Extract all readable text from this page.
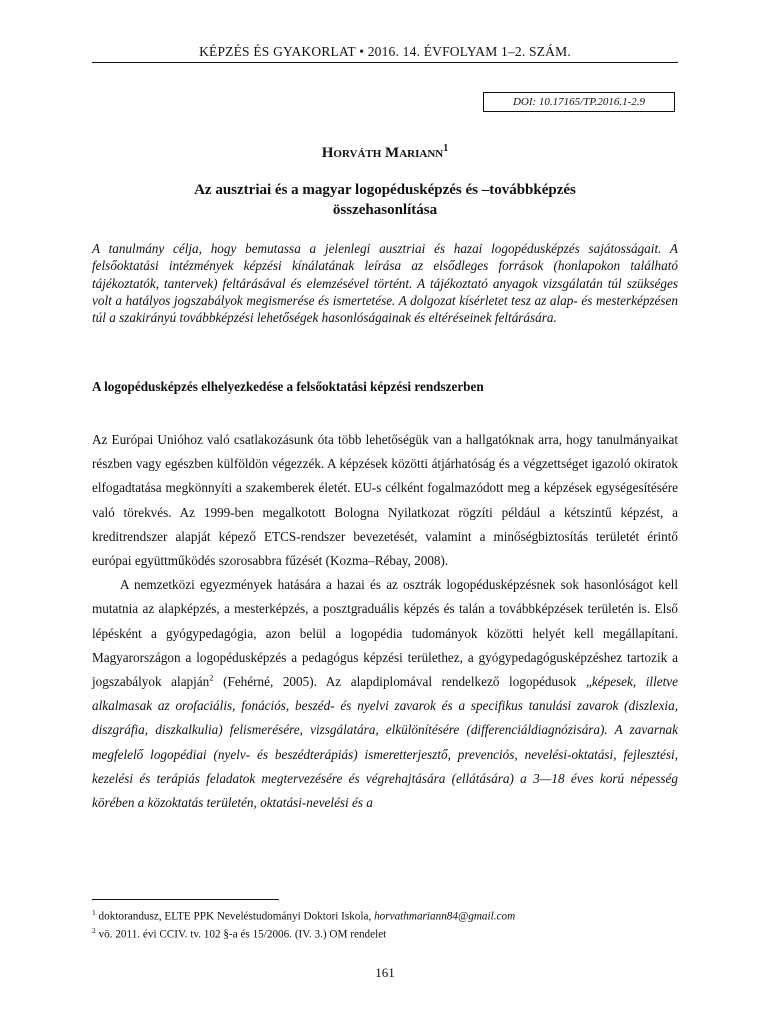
KÉPZÉS ÉS GYAKORLAT • 2016. 14. ÉVFOLYAM 1–2. SZÁM.
DOI: 10.17165/TP.2016.1-2.9
Horváth Mariann$^1$
Az ausztriai és a magyar logopédusképzés és –továbbképzés
összehasonlítása

A tanulmány célja, hogy bemutassa a jelenlegi ausztriai és hazai logopédusképzés sajátosságait. A felsőoktatási intézmények képzési kínálatának leírása az elsődleges források (honlapokon található tájékoztatók, tantervek) feltárásával és elemzésével történt. A tájékoztató anyagok vizsgálatán túl szükséges volt a hatályos jogszabályok megismerése és ismertetése. A dolgozat kísérletet tesz az alap- és mesterképzésen túl a szakirányú továbbképzési lehetőségek hasonlóságainak és eltéréseinek feltárására.

A logopédusképzés elhelyezkedése a felsőoktatási képzési rendszerben

Az Európai Unióhoz való csatlakozásunk óta több lehetőségük van a hallgatóknak arra, hogy tanulmányaikat részben vagy egészben külföldön végezzék. A képzések közötti átjárhatóság és a végzettséget igazoló okiratok elfogadtatása megkönnyíti a szakemberek életét. EU-s célként fogalmazódott meg a képzések egységesítésére való törekvés. Az 1999-ben megalkotott Bologna Nyilatkozat rögzíti például a kétszintű képzést, a kreditrendszer alapját képező ETCS-rendszer bevezetését, valamint a minőségbiztosítás területét érintő európai együttműködés szorosabbra fűzését (Kozma–Rébay, 2008).

A nemzetközi egyezmények hatására a hazai és az osztrák logopédusképzésnek sok hasonlóságot kell mutatnia az alapképzés, a mesterképzés, a posztgraduális képzés és talán a továbbképzések területén is. Első lépésként a gyógypedagógia, azon belül a logopédia tudományok közötti helyét kell megállapítani. Magyarországon a logopédusképzés a pedagógus képzési területhez, a gyógypedagógusképzéshez tartozik a jogszabályok alapján$^2$ (Fehérné, 2005). Az alapdiplomával rendelkező logopédusok „képesek, illetve alkalmasak az orofaciális, fonációs, beszéd- és nyelvi zavarok és a specifikus tanulási zavarok (diszlexia, diszgráfia, diszkalkulia) felismerésére, vizsgálatára, elkülönítésére (differenciáldiagnózisára). A zavarnak megfelelő logopédiai (nyelv- és beszédterápiás) ismeretterjesztő, prevenciós, nevelési-oktatási, fejlesztési, kezelési és terápiás feladatok megtervezésére és végrehajtására (ellátására) a 3—18 éves korú népesség körében a közoktatás területén, oktatási-nevelési és a

$^1$ doktorandusz, ELTE PPK Neveléstudományi Doktori Iskola, horvathmariann84@gmail.com

$^2$ vö. 2011. évi CCIV. tv. 102 §-a és 15/2006. (IV. 3.) OM rendelet

161
